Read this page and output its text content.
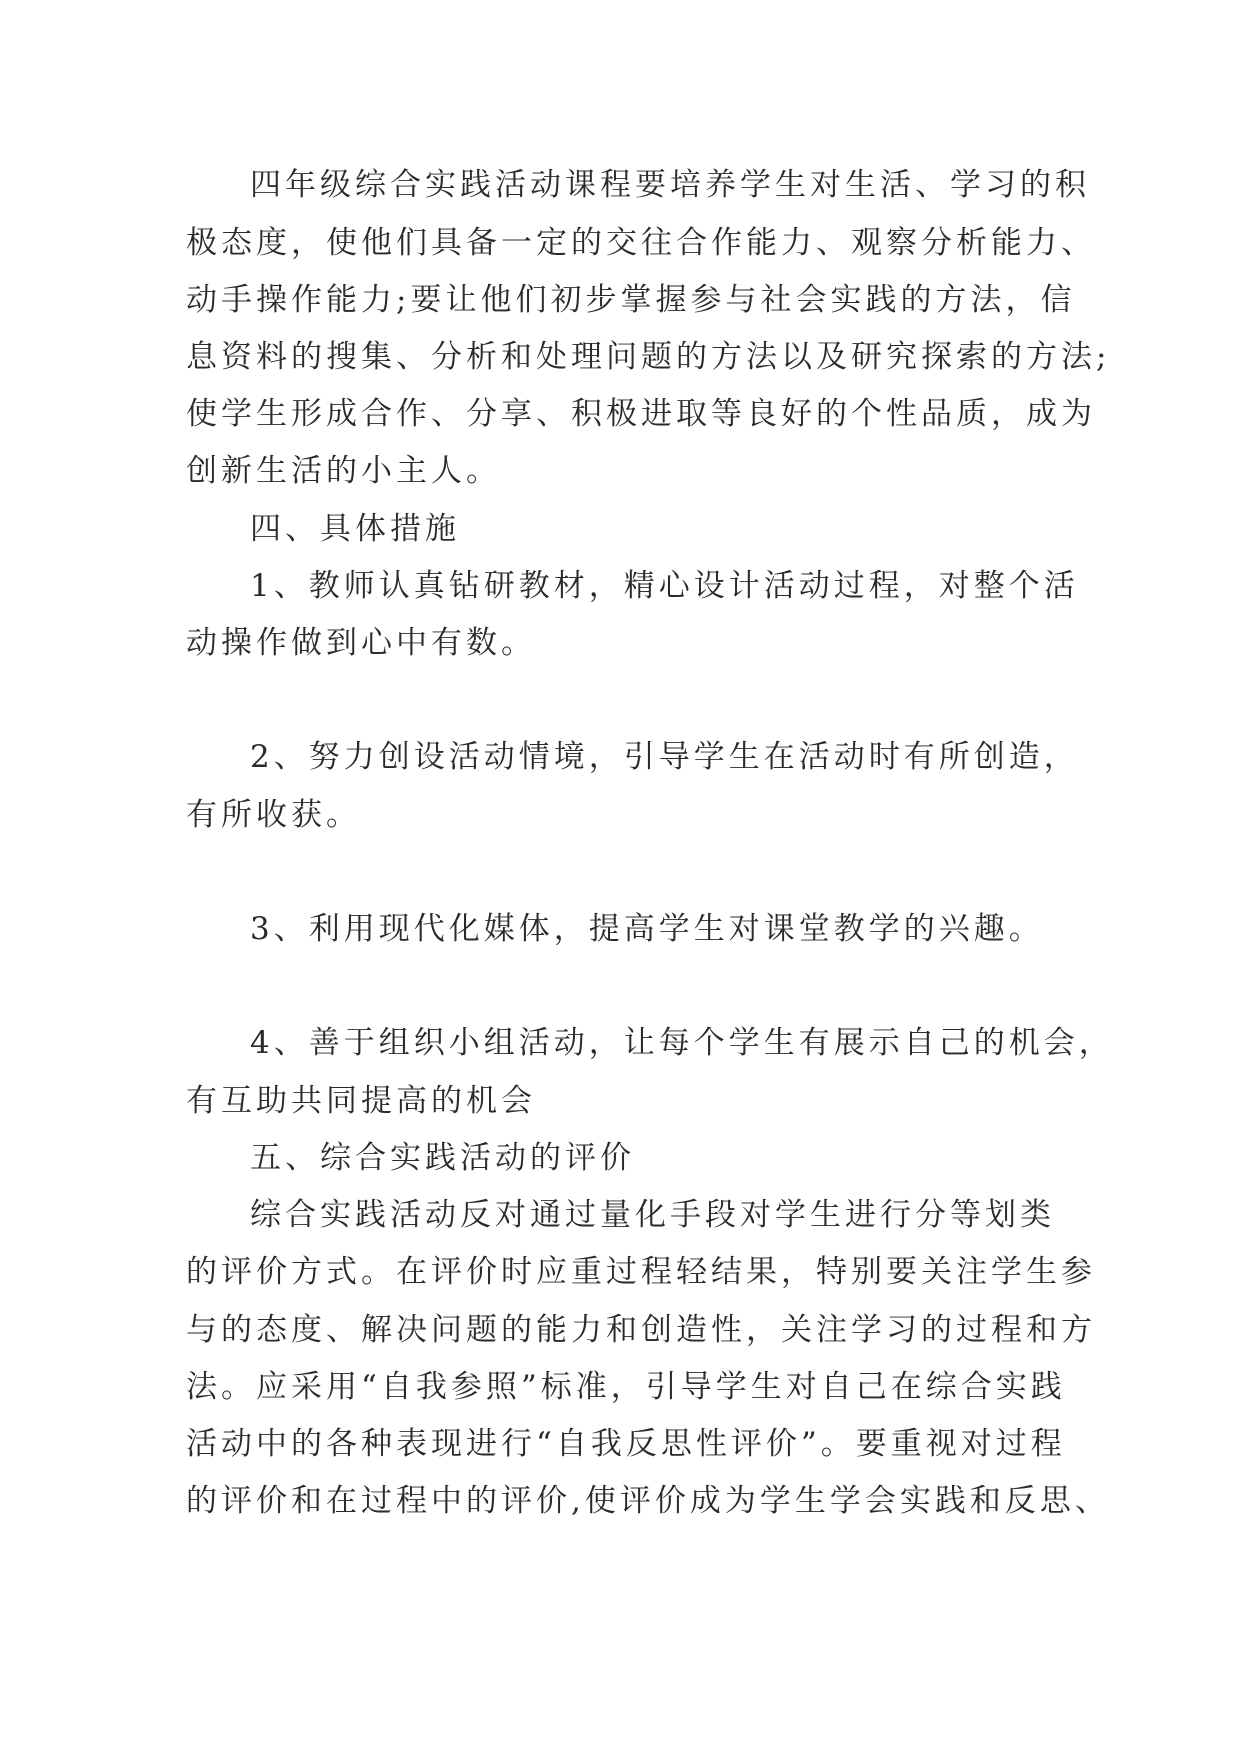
四年级综合实践活动课程要培养学生对生活、学习的积
极态度，使他们具备一定的交往合作能力、观察分析能力、
动手操作能力;要让他们初步掌握参与社会实践的方法，信
息资料的搜集、分析和处理问题的方法以及研究探索的方法;
使学生形成合作、分享、积极进取等良好的个性品质，成为
创新生活的小主人。
四、具体措施
1、教师认真钻研教材，精心设计活动过程，对整个活
动操作做到心中有数。
2、努力创设活动情境，引导学生在活动时有所创造，
有所收获。
3、利用现代化媒体，提高学生对课堂教学的兴趣。
4、善于组织小组活动，让每个学生有展示自己的机会，
有互助共同提高的机会
五、综合实践活动的评价
综合实践活动反对通过量化手段对学生进行分等划类
的评价方式。在评价时应重过程轻结果，特别要关注学生参
与的态度、解决问题的能力和创造性，关注学习的过程和方
法。应采用“自我参照”标准，引导学生对自己在综合实践
活动中的各种表现进行“自我反思性评价”。要重视对过程
的评价和在过程中的评价,使评价成为学生学会实践和反思、
